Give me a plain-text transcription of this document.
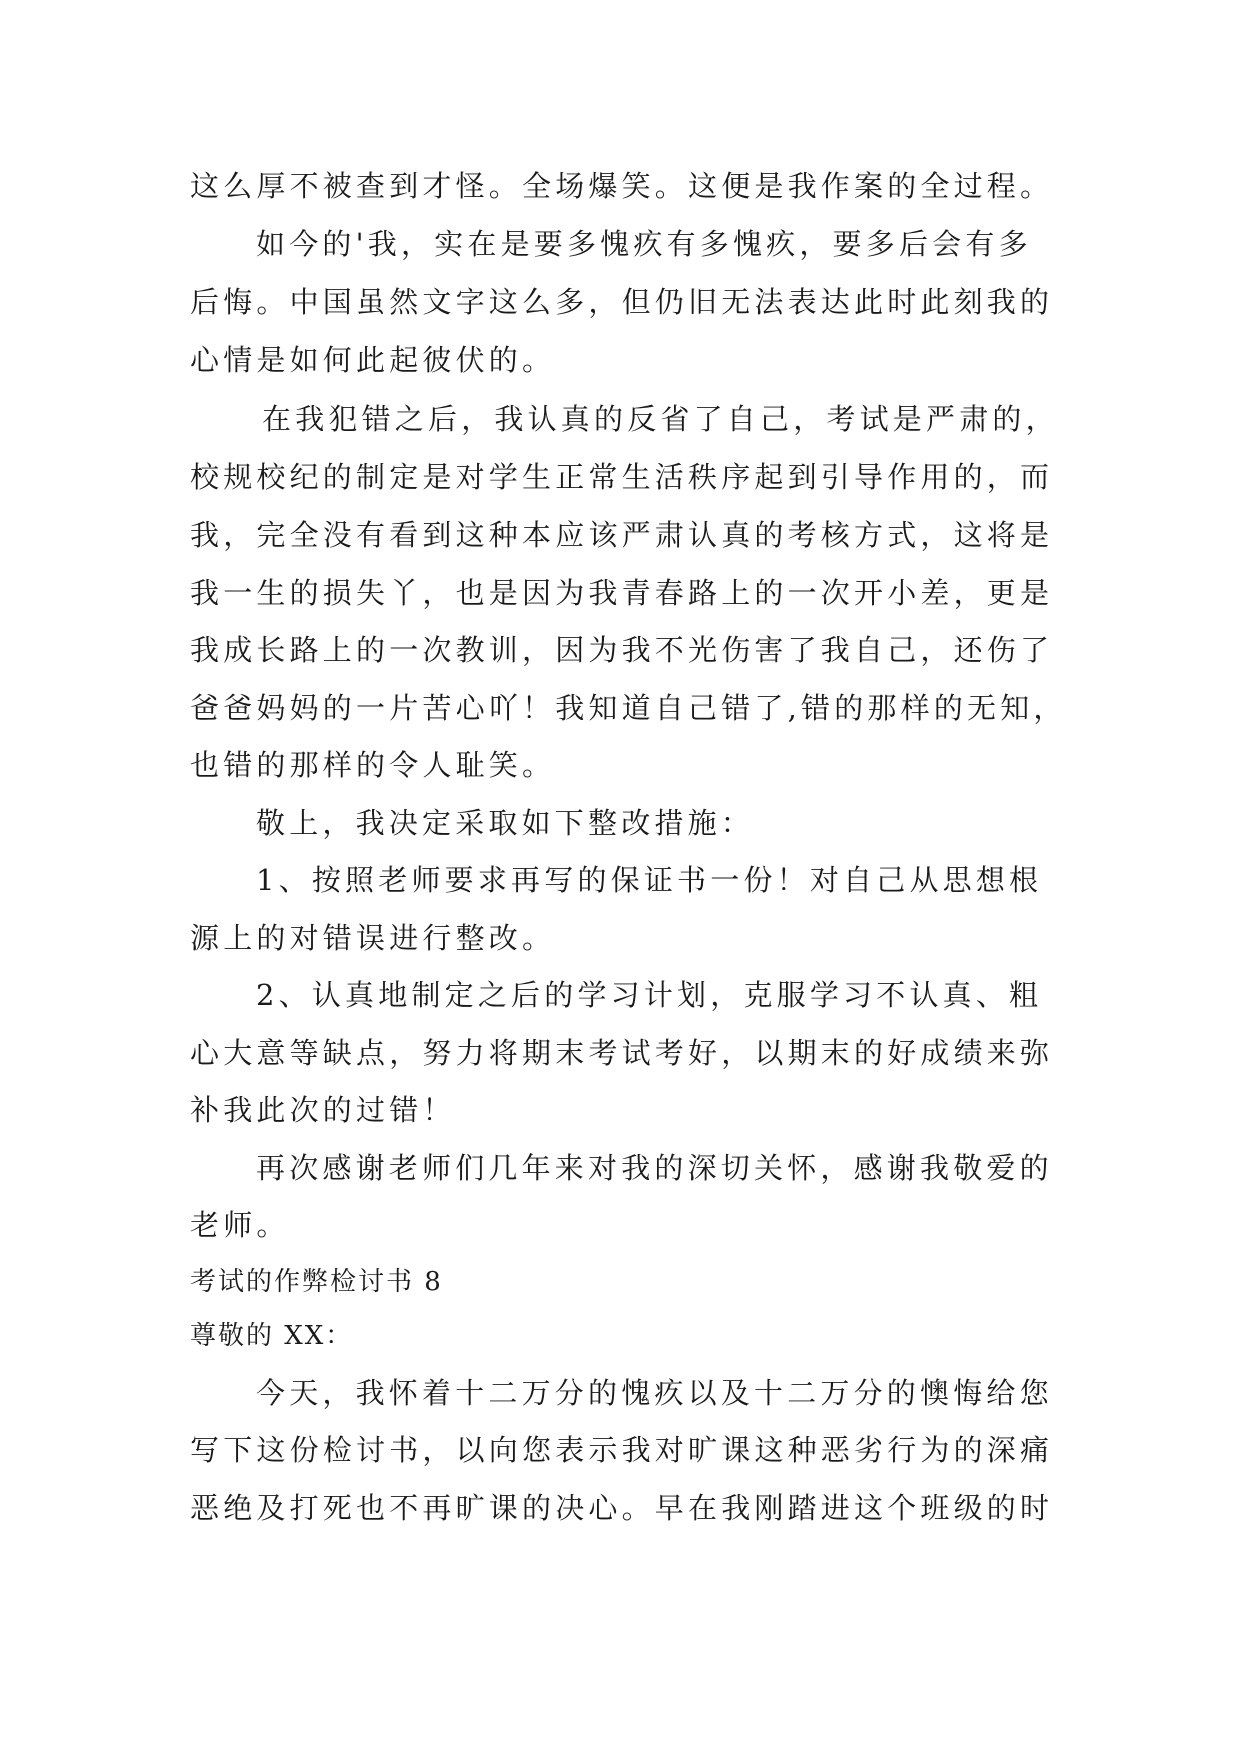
这么厚不被查到才怪。全场爆笑。这便是我作案的全过程。
如今的'我，实在是要多愧疚有多愧疚，要多后会有多
后悔。中国虽然文字这么多，但仍旧无法表达此时此刻我的
心情是如何此起彼伏的。
在我犯错之后，我认真的反省了自己，考试是严肃的，
校规校纪的制定是对学生正常生活秩序起到引导作用的，而
我，完全没有看到这种本应该严肃认真的考核方式，这将是
我一生的损失丫，也是因为我青春路上的一次开小差，更是
我成长路上的一次教训，因为我不光伤害了我自己，还伤了
爸爸妈妈的一片苦心吖！我知道自己错了,错的那样的无知，
也错的那样的令人耻笑。
敬上，我决定采取如下整改措施：
1、按照老师要求再写的保证书一份！对自己从思想根
源上的对错误进行整改。
2、认真地制定之后的学习计划，克服学习不认真、粗
心大意等缺点，努力将期末考试考好，以期末的好成绩来弥
补我此次的过错！
再次感谢老师们几年来对我的深切关怀，感谢我敬爱的
老师。
考试的作弊检讨书 8
尊敬的 XX：
今天，我怀着十二万分的愧疚以及十二万分的懊悔给您
写下这份检讨书，以向您表示我对旷课这种恶劣行为的深痛
恶绝及打死也不再旷课的决心。早在我刚踏进这个班级的时
